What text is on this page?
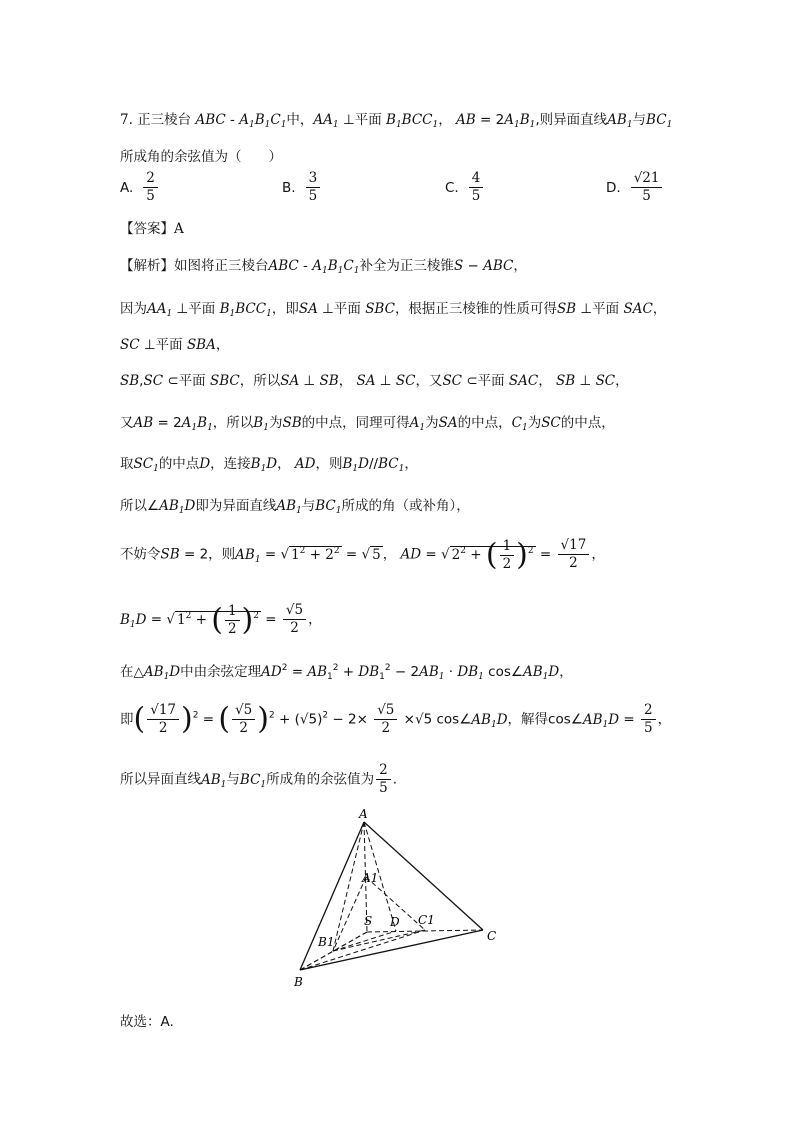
7. 正三棱台 ABC - $A_1B_1C_1$中，$AA_1$ ⊥平面 $B_1BCC_1$， AB = $2A_1B_1$,则异面直线$AB_1$与$BC_1$
所成角的余弦值为（　　）
A. $\frac{2}{5}$	B. $\frac{3}{5}$	C. $\frac{4}{5}$	D. $\frac{√21}{5}$
【答案】A
【解析】如图将正三棱台ABC - $A_1B_1C_1$补全为正三棱锥S − ABC，
因为$AA_1$ ⊥平面 $B_1BCC_1$，即SA ⊥平面 SBC，根据正三棱锥的性质可得SB ⊥平面 SAC，
SC ⊥平面 SBA，
SB,SC ⊂平面 SBC，所以SA ⊥ SB， SA ⊥ SC，又SC ⊂平面 SAC， SB ⊥ SC，
又AB = $2A_1B_1$，所以$B_1$为SB的中点，同理可得$A_1$为SA的中点，$C_1$为SC的中点，
取$SC_1$的中点D，连接$B_1D$， AD，则$B_1D//BC_1$，
所以$\angle AB_1D$即为异面直线$AB_1$与$BC_1$所成的角（或补角），
不妨令SB = 2，则$AB_1$ = √ $1^2 + 2^2$ = √ 5 ， AD = √ $2^2$ + ( $\frac{1}{2} )^2 = \frac{√17}{2}$ ，
$B_1D$ = √ $1^2$ + ( $\frac{1}{2} )^2 = \frac{√5}{2}$ ，
在$\triangle AB_1D$中由余弦定理$AD^2 = AB_1^2 + DB_1^2 - 2AB_1 \cdot DB_1$ $\cos\angle AB_1D$，
即( $\frac{√17}{2} )^2$ = ( $\frac{√5}{2} )^2 + (√5)^2 - 2\times \frac{√5}{2} \times√5$ $\cos\angle AB_1D$，解得$\cos\angle AB_1D = \frac{2}{5}$ ，
所以异面直线$AB_1$与$BC_1$所成角的余弦值为 $\frac{2}{5}$ .
A
A1
S D C1
C
B1
B
故选：A.
